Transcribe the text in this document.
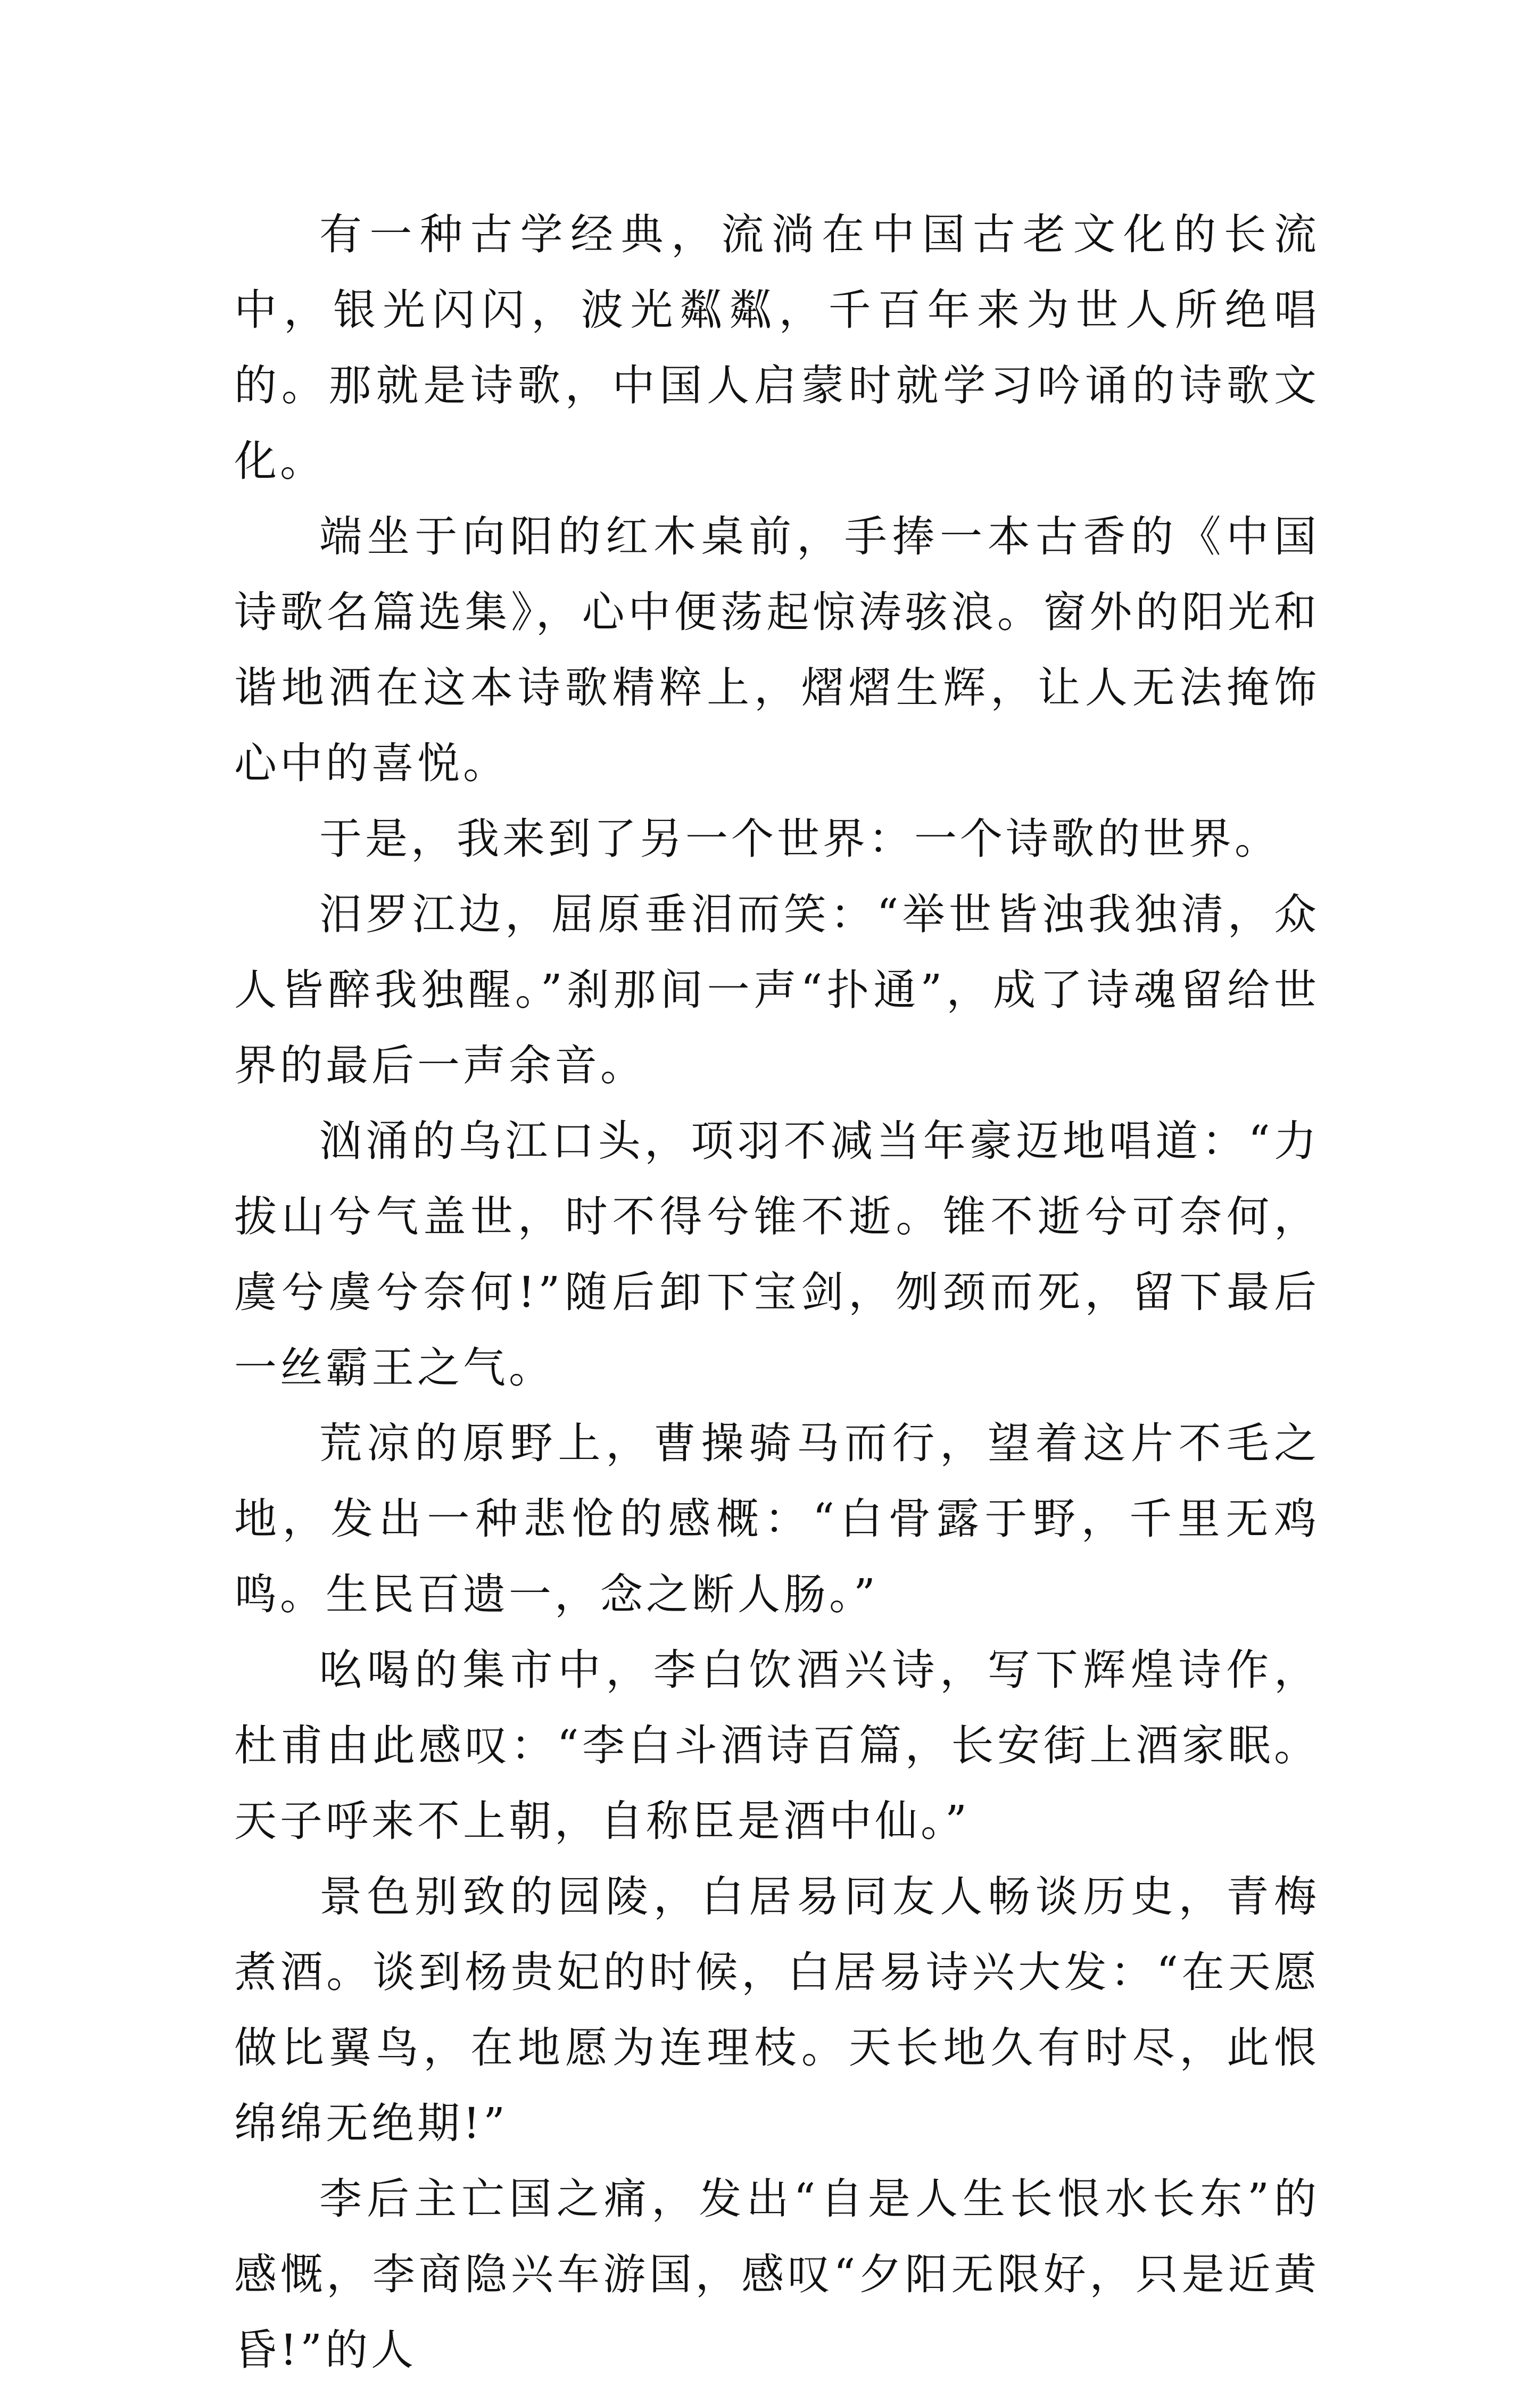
有一种古学经典，流淌在中国古老文化的长流中，银光闪闪，波光粼粼，千百年来为世人所绝唱的。那就是诗歌，中国人启蒙时就学习吟诵的诗歌文化。

端坐于向阳的红木桌前，手捧一本古香的《中国诗歌名篇选集》，心中便荡起惊涛骇浪。窗外的阳光和谐地洒在这本诗歌精粹上，熠熠生辉，让人无法掩饰心中的喜悦。

于是，我来到了另一个世界：一个诗歌的世界。

汨罗江边，屈原垂泪而笑：“举世皆浊我独清，众人皆醉我独醒。”刹那间一声“扑通”，成了诗魂留给世界的最后一声余音。

汹涌的乌江口头，项羽不减当年豪迈地唱道：“力拔山兮气盖世，时不得兮锥不逝。锥不逝兮可奈何，虞兮虞兮奈何!”随后卸下宝剑，刎颈而死，留下最后一丝霸王之气。

荒凉的原野上，曹操骑马而行，望着这片不毛之地，发出一种悲怆的感概：“白骨露于野，千里无鸡鸣。生民百遗一，念之断人肠。”

吆喝的集市中，李白饮酒兴诗，写下辉煌诗作，杜甫由此感叹：“李白斗酒诗百篇，长安街上酒家眠。天子呼来不上朝，自称臣是酒中仙。”

景色别致的园陵，白居易同友人畅谈历史，青梅煮酒。谈到杨贵妃的时候，白居易诗兴大发：“在天愿做比翼鸟，在地愿为连理枝。天长地久有时尽，此恨绵绵无绝期!”

李后主亡国之痛，发出“自是人生长恨水长东”的感慨，李商隐兴车游国，感叹“夕阳无限好，只是近黄昏!”的人
